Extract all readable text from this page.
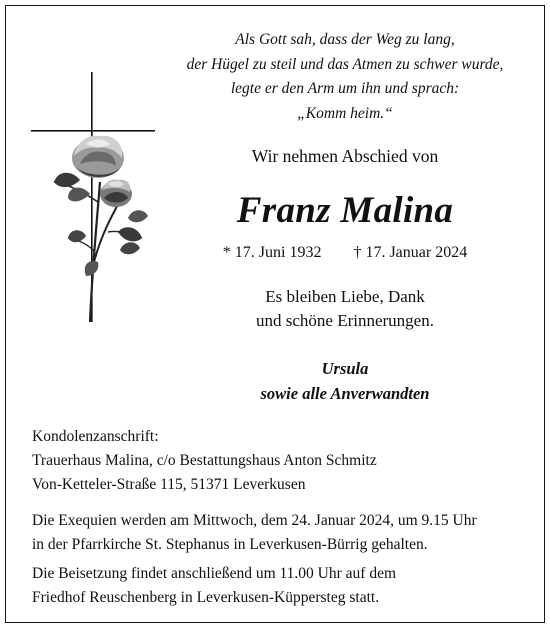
Als Gott sah, dass der Weg zu lang,
der Hügel zu steil und das Atmen zu schwer wurde,
legte er den Arm um ihn und sprach:
„Komm heim.“
Wir nehmen Abschied von
Franz Malina
* 17. Juni 1932 † 17. Januar 2024
Es bleiben Liebe, Dank
und schöne Erinnerungen.
Ursula
sowie alle Anverwandten
Kondolenzanschrift:
Trauerhaus Malina, c/o Bestattungshaus Anton Schmitz
Von-Ketteler-Straße 115, 51371 Leverkusen
Die Exequien werden am Mittwoch, dem 24. Januar 2024, um 9.15 Uhr
in der Pfarrkirche St. Stephanus in Leverkusen-Bürrig gehalten.
Die Beisetzung findet anschließend um 11.00 Uhr auf dem
Friedhof Reuschenberg in Leverkusen-Küppersteg statt.
